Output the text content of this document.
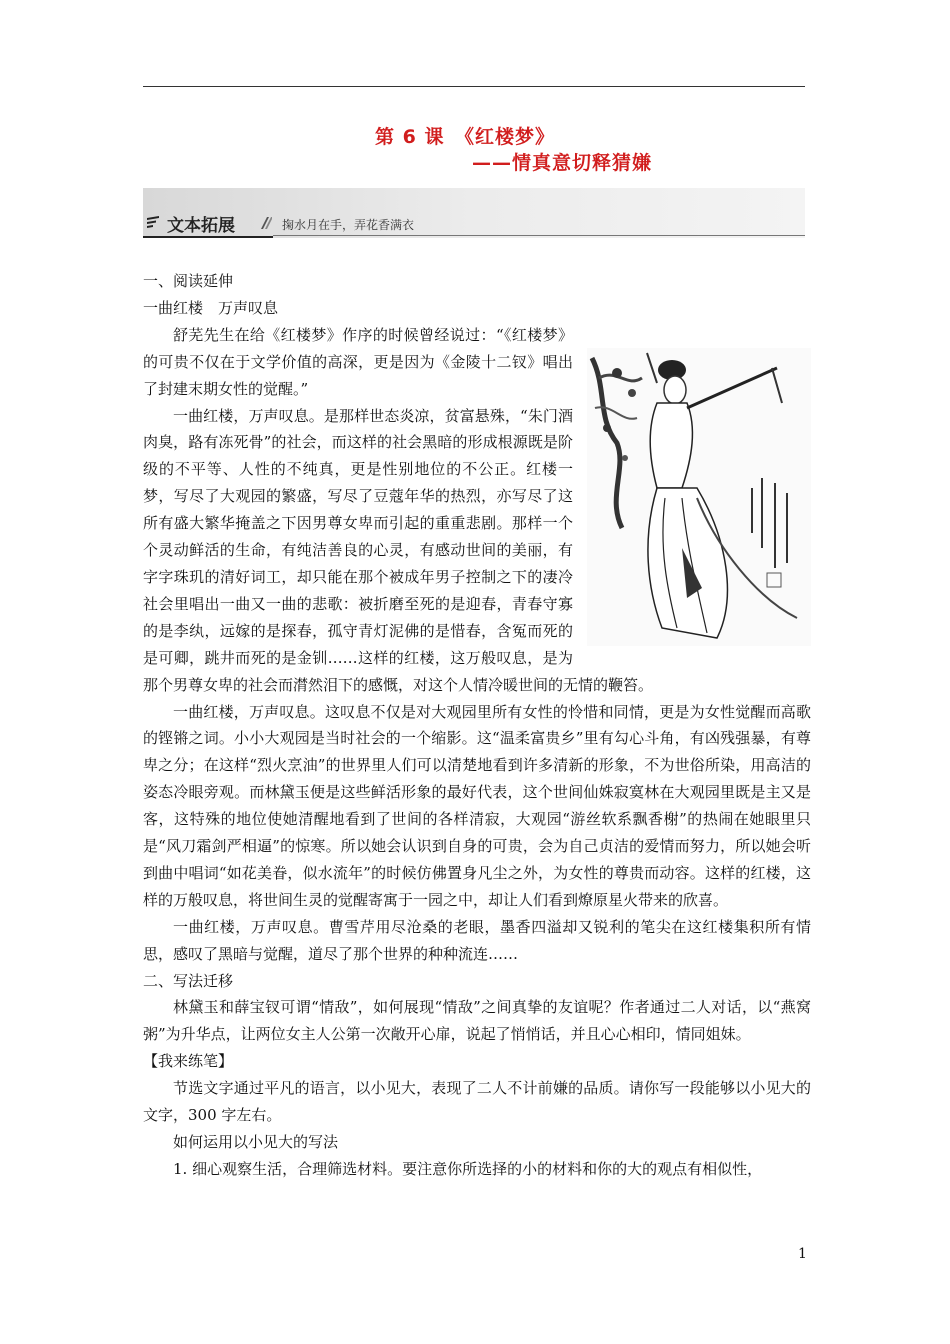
第 6 课　《红楼梦》
——情真意切释猜嫌
文本拓展	掬水月在手，弄花香满衣

一、阅读延伸

一曲红楼　万声叹息

舒芜先生在给《红楼梦》作序的时候曾经说过：“《红楼梦》的可贵不仅在于文学价值的高深，更是因为《金陵十二钗》唱出了封建末期女性的觉醒。”

一曲红楼，万声叹息。是那样世态炎凉，贫富悬殊，“朱门酒肉臭，路有冻死骨”的社会，而这样的社会黑暗的形成根源既是阶级的不平等、人性的不纯真，更是性别地位的不公正。红楼一梦，写尽了大观园的繁盛，写尽了豆蔻年华的热烈，亦写尽了这所有盛大繁华掩盖之下因男尊女卑而引起的重重悲剧。那样一个个灵动鲜活的生命，有纯洁善良的心灵，有感动世间的美丽，有字字珠玑的清好词工，却只能在那个被成年男子控制之下的凄冷社会里唱出一曲又一曲的悲歌：被折磨至死的是迎春，青春守寡的是李纨，远嫁的是探春，孤守青灯泥佛的是惜春，含冤而死的是可卿，跳井而死的是金钏……这样的红楼，这万般叹息，是为那个男尊女卑的社会而潸然泪下的感慨，对这个人情冷暖世间的无情的鞭笞。

一曲红楼，万声叹息。这叹息不仅是对大观园里所有女性的怜惜和同情，更是为女性觉醒而高歌的铿锵之词。小小大观园是当时社会的一个缩影。这“温柔富贵乡”里有勾心斗角，有凶残强暴，有尊卑之分；在这样“烈火烹油”的世界里人们可以清楚地看到许多清新的形象，不为世俗所染，用高洁的姿态冷眼旁观。而林黛玉便是这些鲜活形象的最好代表，这个世间仙姝寂寞林在大观园里既是主又是客，这特殊的地位使她清醒地看到了世间的各样清寂，大观园“游丝软系飘香榭”的热闹在她眼里只是“风刀霜剑严相逼”的惊寒。所以她会认识到自身的可贵，会为自己贞洁的爱情而努力，所以她会听到曲中唱词“如花美眷，似水流年”的时候仿佛置身凡尘之外，为女性的尊贵而动容。这样的红楼，这样的万般叹息，将世间生灵的觉醒寄寓于一园之中，却让人们看到燎原星火带来的欣喜。

一曲红楼，万声叹息。曹雪芹用尽沧桑的老眼，墨香四溢却又锐利的笔尖在这红楼集积所有情思，感叹了黑暗与觉醒，道尽了那个世界的种种流连……

二、写法迁移

林黛玉和薛宝钗可谓“情敌”，如何展现“情敌”之间真挚的友谊呢？作者通过二人对话，以“燕窝粥”为升华点，让两位女主人公第一次敞开心扉，说起了悄悄话，并且心心相印，情同姐妹。

【我来练笔】

节选文字通过平凡的语言，以小见大，表现了二人不计前嫌的品质。请你写一段能够以小见大的文字，300 字左右。

如何运用以小见大的写法

1. 细心观察生活，合理筛选材料。要注意你所选择的小的材料和你的大的观点有相似性，

1
